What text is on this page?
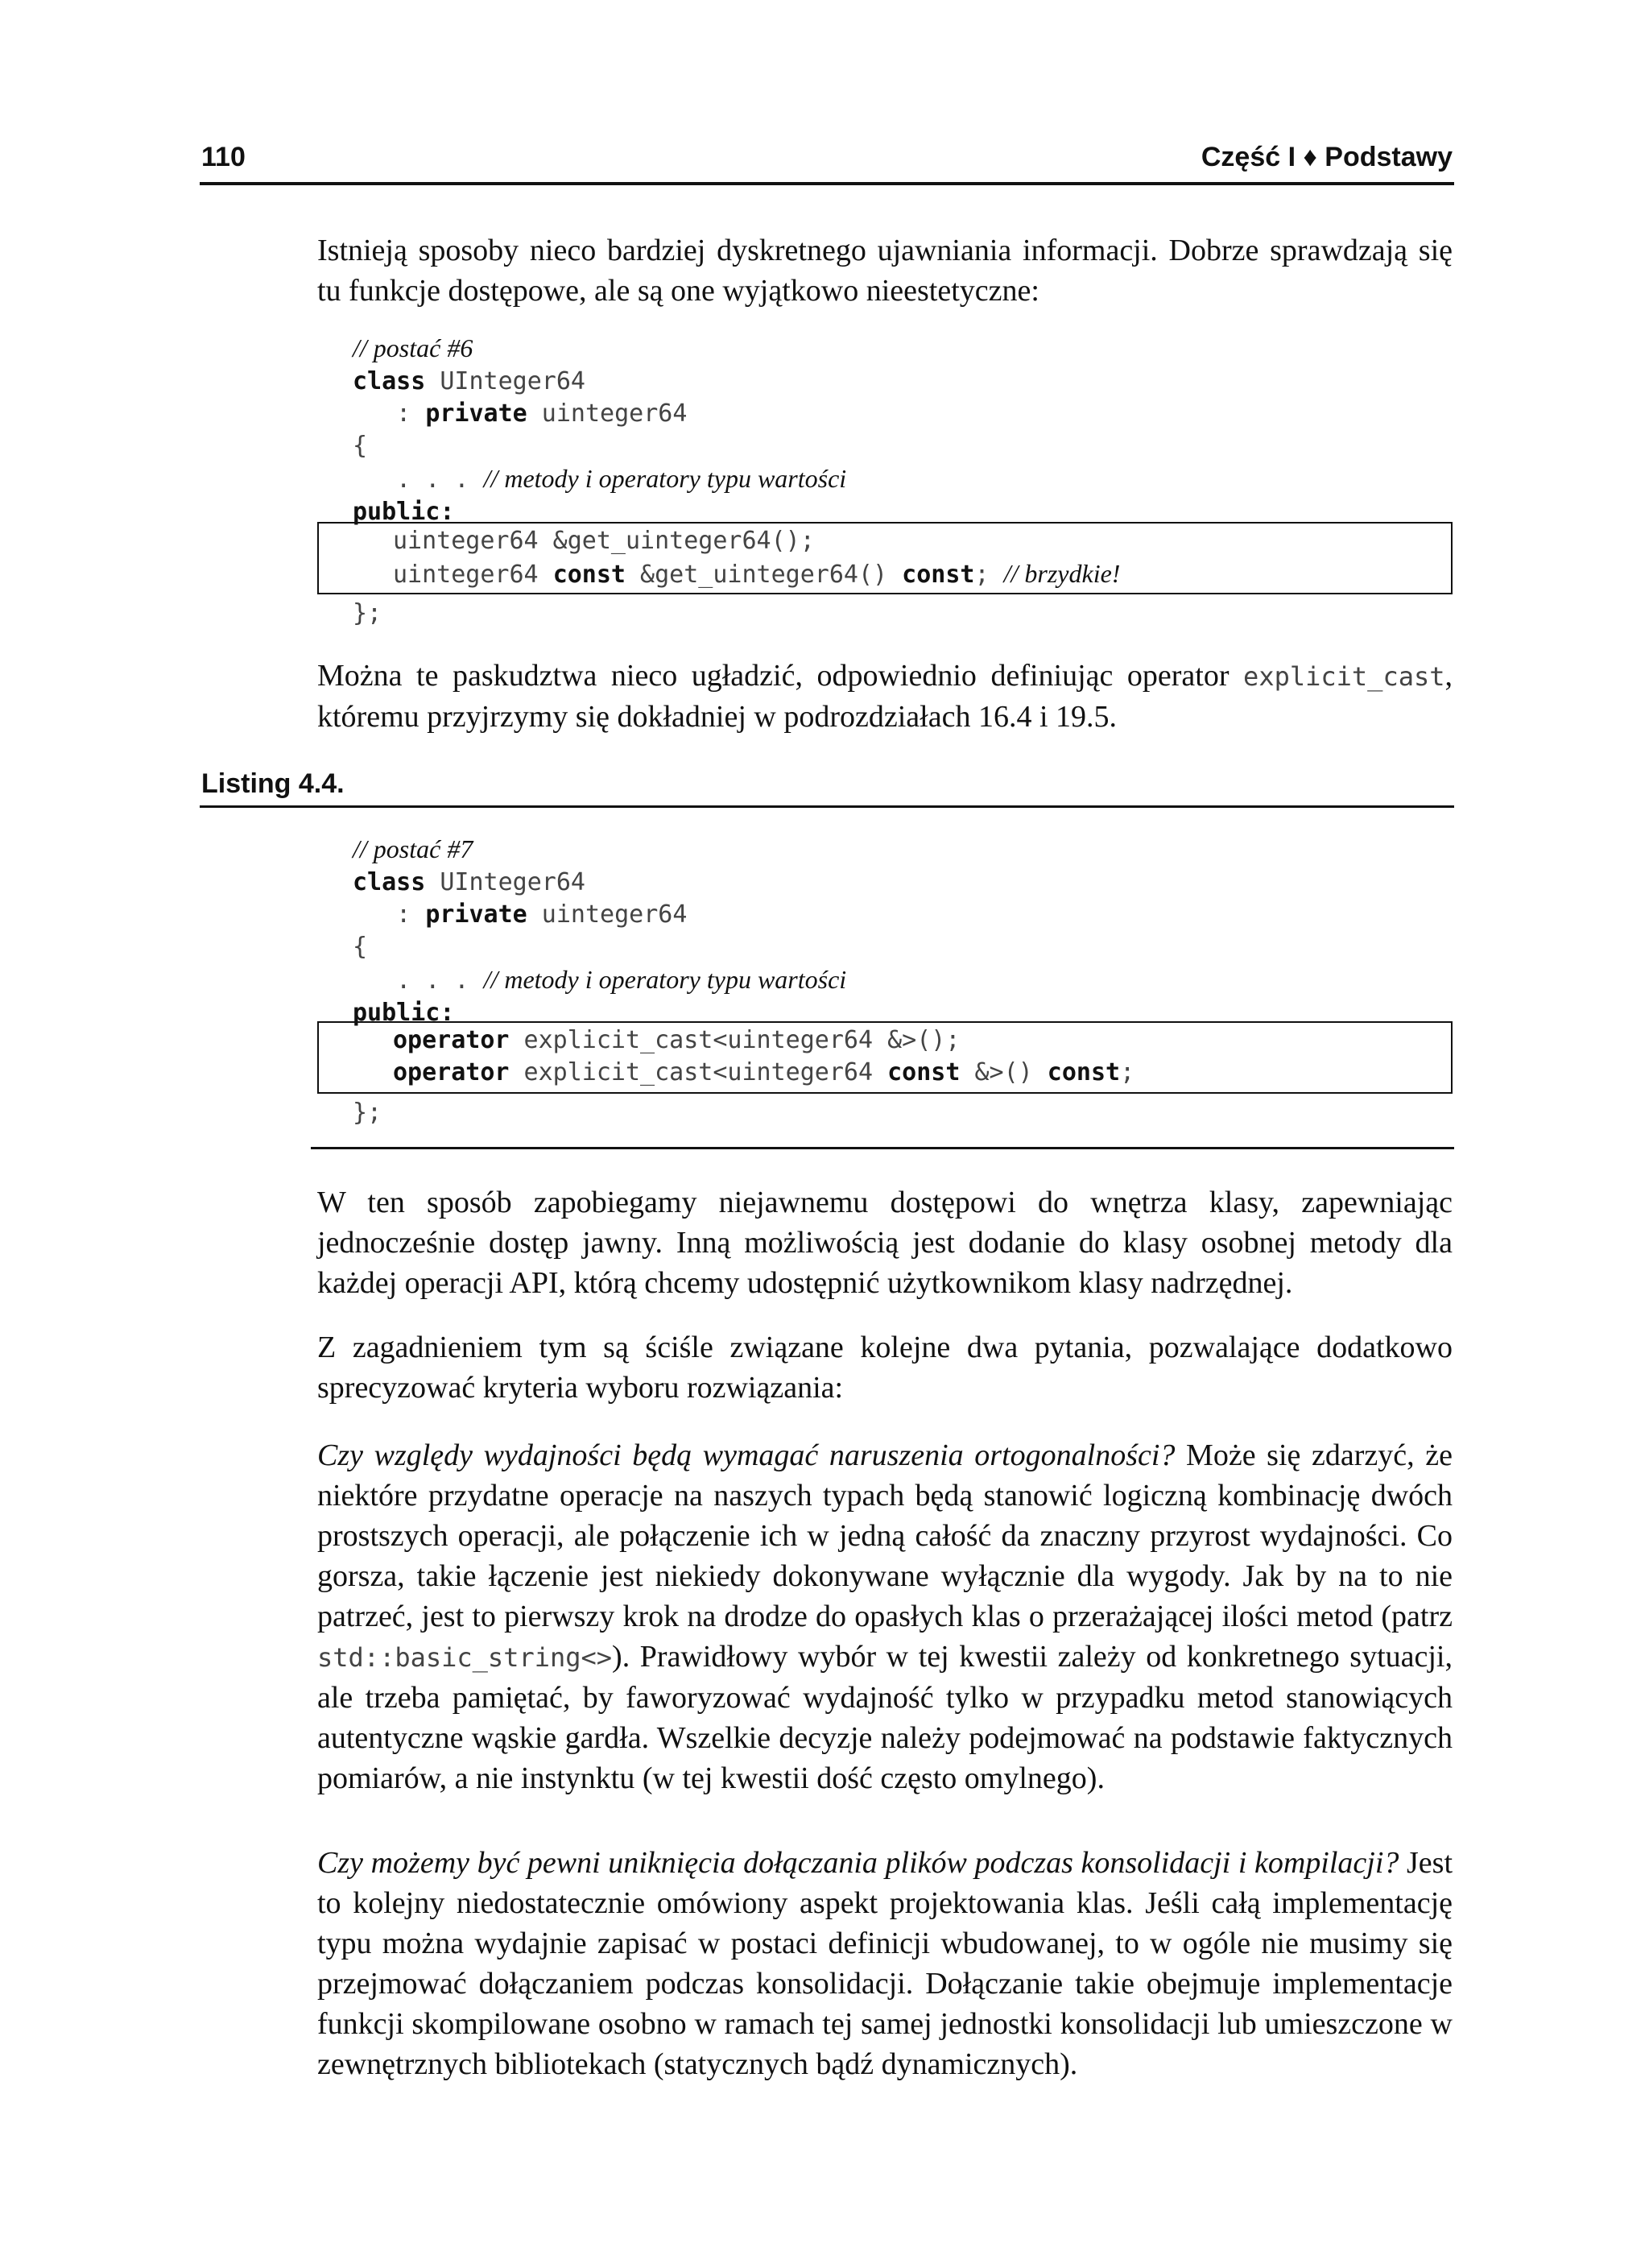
110	Część I ♦ Podstawy
Istnieją sposoby nieco bardziej dyskretnego ujawniania informacji. Dobrze sprawdzają się tu funkcje dostępowe, ale są one wyjątkowo nieestetyczne:
// postać #6
class UInteger64
: private uinteger64
{
. . . // metody i operatory typu wartości
public:
uinteger64 &get_uinteger64();
uinteger64 const &get_uinteger64() const; // brzydkie!
};
Można te paskudztwa nieco ugładzić, odpowiednio definiując operator explicit_cast, któremu przyjrzymy się dokładniej w podrozdziałach 16.4 i 19.5.
Listing 4.4.
// postać #7
class UInteger64
: private uinteger64
{
. . . // metody i operatory typu wartości
public:
operator explicit_cast<uinteger64 &>();
operator explicit_cast<uinteger64 const &>() const;
};
W ten sposób zapobiegamy niejawnemu dostępowi do wnętrza klasy, zapewniając jednocześnie dostęp jawny. Inną możliwością jest dodanie do klasy osobnej metody dla każdej operacji API, którą chcemy udostępnić użytkownikom klasy nadrzędnej.
Z zagadnieniem tym są ściśle związane kolejne dwa pytania, pozwalające dodatkowo sprecyzować kryteria wyboru rozwiązania:
Czy względy wydajności będą wymagać naruszenia ortogonalności? Może się zdarzyć, że niektóre przydatne operacje na naszych typach będą stanowić logiczną kombinację dwóch prostszych operacji, ale połączenie ich w jedną całość da znaczny przyrost wydajności. Co gorsza, takie łączenie jest niekiedy dokonywane wyłącznie dla wygody. Jak by na to nie patrzeć, jest to pierwszy krok na drodze do opasłych klas o przerażającej ilości metod (patrz std::basic_string<>). Prawidłowy wybór w tej kwestii zależy od konkretnego sytuacji, ale trzeba pamiętać, by faworyzować wydajność tylko w przypadku metod stanowiących autentyczne wąskie gardła. Wszelkie decyzje należy podejmować na podstawie faktycznych pomiarów, a nie instynktu (w tej kwestii dość często omylnego).
Czy możemy być pewni uniknięcia dołączania plików podczas konsolidacji i kompilacji? Jest to kolejny niedostatecznie omówiony aspekt projektowania klas. Jeśli całą implementację typu można wydajnie zapisać w postaci definicji wbudowanej, to w ogóle nie musimy się przejmować dołączaniem podczas konsolidacji. Dołączanie takie obejmuje implementacje funkcji skompilowane osobno w ramach tej samej jednostki konsolidacji lub umieszczone w zewnętrznych bibliotekach (statycznych bądź dynamicznych).
